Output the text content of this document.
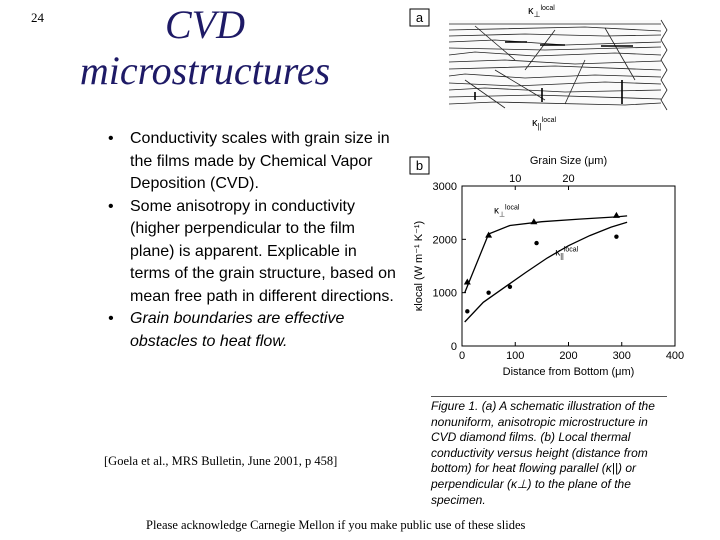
24	CVD
microstructures
• Conductivity scales with grain size in the films made by Chemical Vapor Deposition (CVD).
• Some anisotropy in conductivity (higher perpendicular to the film plane) is apparent. Explicable in terms of the grain structure, based on mean free path in different directions.
• Grain boundaries are effective obstacles to heat flow.
[Goela et al., MRS Bulletin, June 2001, p 458]
Please acknowledge Carnegie Mellon if you make public use of these slides
a	$\kappa_\perp^{local}$
$\kappa_{||}^{local}$
b
0	100	200	300	400
0
1000
2000
3000
10	20
Grain Size (μm)
Distance from Bottom (μm)
κlocal (W m⁻¹ K⁻¹)
$\kappa_\perp^{local}$
$\kappa_{||}^{local}$
Figure 1. (a) A schematic illustration of the nonuniform, anisotropic microstructure in CVD diamond films. (b) Local thermal conductivity versus height (distance from bottom) for heat flowing parallel (κ||) or perpendicular (κ⊥) to the plane of the specimen.
